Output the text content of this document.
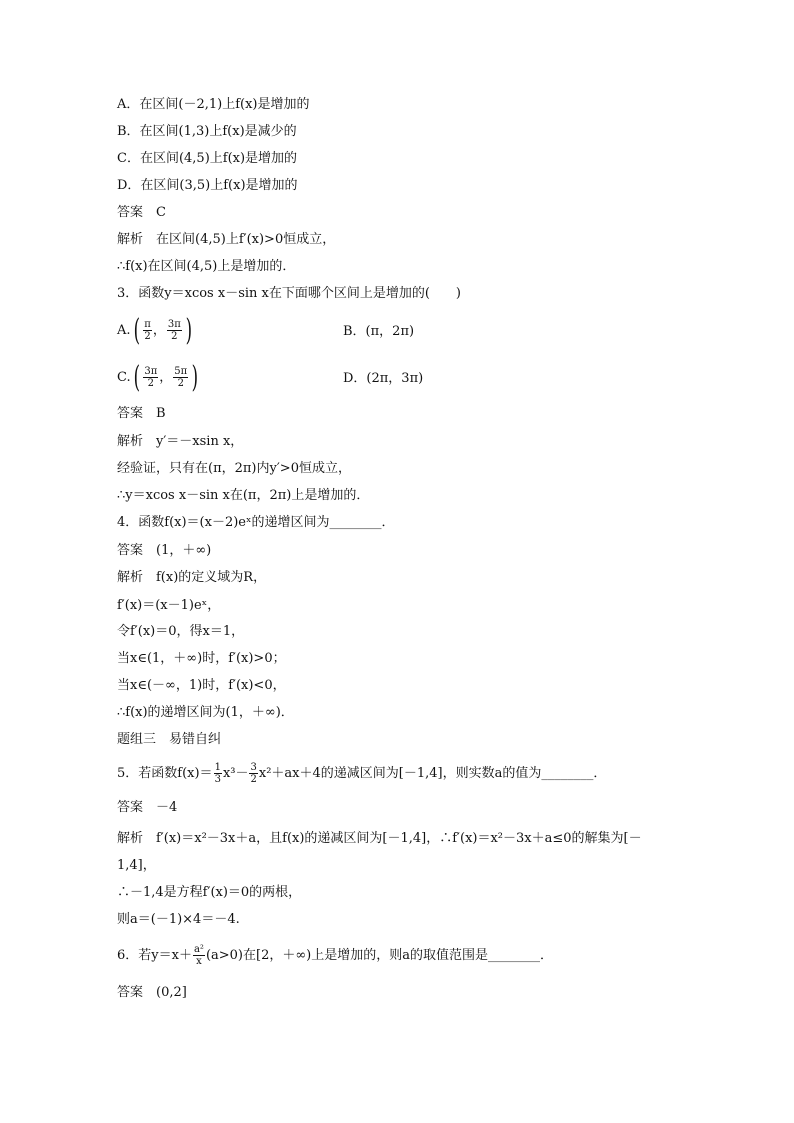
A．在区间(－2,1)上f(x)是增加的
B．在区间(1,3)上f(x)是减少的
C．在区间(4,5)上f(x)是增加的
D．在区间(3,5)上f(x)是增加的
答案　C
解析　在区间(4,5)上f′(x)>0恒成立，
∴f(x)在区间(4,5)上是增加的．
3．函数y＝xcos x－sin x在下面哪个区间上是增加的(　　)
$A.( \frac{\pi}{2}$ ， $\frac{3\pi}{2}$ )	B．(π，2π)
$C.( \frac{3\pi}{2}$ ， $\frac{5\pi}{2}$ )	D．(2π，3π)
答案　B
解析　y′＝－xsin x，
经验证，只有在(π，2π)内y′>0恒成立，
∴y＝xcos x－sin x在(π，2π)上是增加的．
4．函数f(x)＝(x－2)eˣ的递增区间为________．
答案　(1，＋∞)
解析　f(x)的定义域为R，
f′(x)＝(x－1)eˣ，
令f′(x)＝0，得x＝1，
当x∈(1，＋∞)时，f′(x)>0；
当x∈(－∞，1)时，f′(x)<0，
∴f(x)的递增区间为(1，＋∞)．
题组三　易错自纠
5．若函数$f(x)= \frac{1}{3} x^3- \frac{3}{2} x^2+ax+4$的递减区间为[－1,4]，则实数a的值为________．
答案　－4
解析　f′(x)＝x²－3x＋a，且f(x)的递减区间为[－1,4]，∴f′(x)＝x²－3x＋a≤0的解集为[－
1,4]，
∴－1,4是方程f′(x)＝0的两根，
则a＝(－1)×4＝－4.
6．若$y=x+ \frac{\text{a²}}{x} (a>0)$在[2，＋∞)上是增加的，则a的取值范围是________．
答案　(0,2]
